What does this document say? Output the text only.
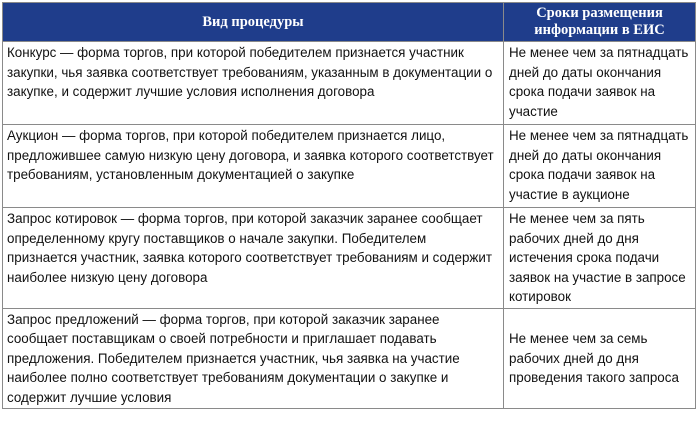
Вид процедуры	Сроки размещения информации в ЕИС
Конкурс — форма торгов, при которой победителем признается участник закупки, чья заявка соответствует требованиям, указанным в документации о закупке, и содержит лучшие условия исполнения договора	Не менее чем за пятнадцать дней до даты окончания срока подачи заявок на участие
Аукцион — форма торгов, при которой победителем признается лицо, предложившее самую низкую цену договора, и заявка которого соответствует требованиям, установленным документацией о закупке	Не менее чем за пятнадцать дней до даты окончания срока подачи заявок на участие в аукционе
Запрос котировок — форма торгов, при которой заказчик заранее сообщает определенному кругу поставщиков о начале закупки. Победителем признается участник, заявка которого соответствует требованиям и содержит наиболее низкую цену договора	Не менее чем за пять рабочих дней до дня истечения срока подачи заявок на участие в запросе котировок
Запрос предложений — форма торгов, при которой заказчик заранее сообщает поставщикам о своей потребности и приглашает подавать предложения. Победителем признается участник, чья заявка на участие наиболее полно соответствует требованиям документации о закупке и содержит лучшие условия	Не менее чем за семь рабочих дней до дня проведения такого запроса
